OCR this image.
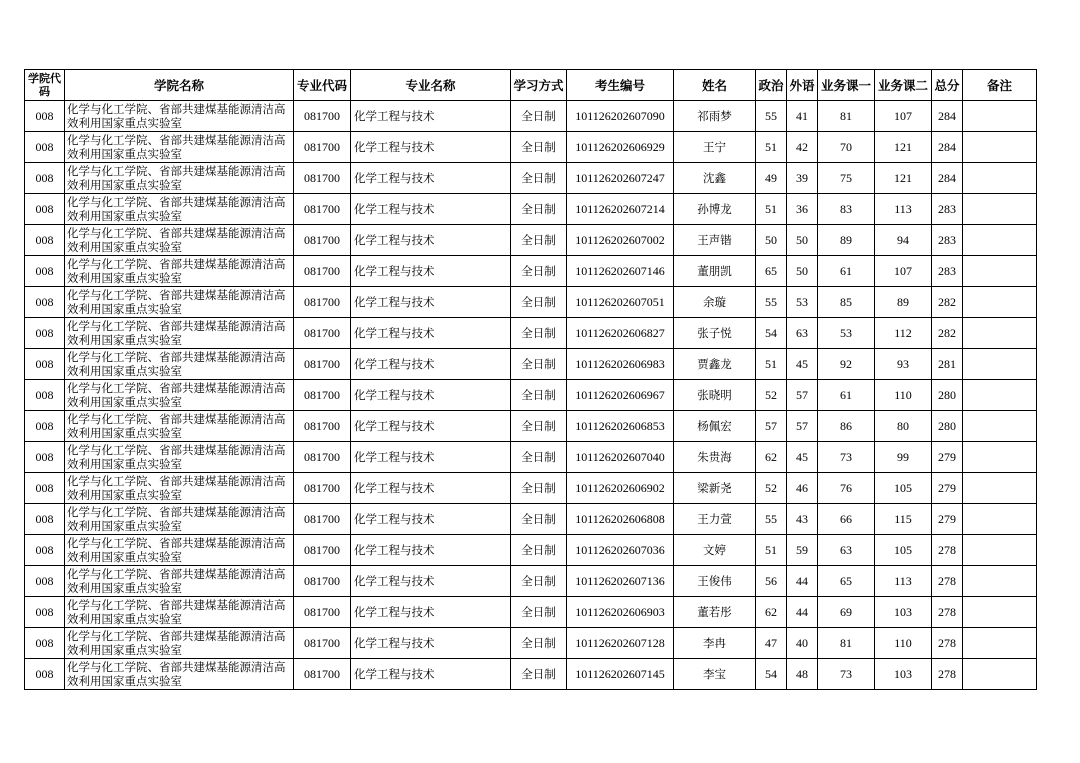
学院代码	学院名称	专业代码	专业名称	学习方式	考生编号	姓名	政治	外语	业务课一	业务课二	总分	备注
008	化学与化工学院、省部共建煤基能源清洁高效利用国家重点实验室	081700	化学工程与技术	全日制	101126202607090	祁雨梦	55	41	81	107	284	
008	化学与化工学院、省部共建煤基能源清洁高效利用国家重点实验室	081700	化学工程与技术	全日制	101126202606929	王宁	51	42	70	121	284	
008	化学与化工学院、省部共建煤基能源清洁高效利用国家重点实验室	081700	化学工程与技术	全日制	101126202607247	沈鑫	49	39	75	121	284	
008	化学与化工学院、省部共建煤基能源清洁高效利用国家重点实验室	081700	化学工程与技术	全日制	101126202607214	孙博龙	51	36	83	113	283	
008	化学与化工学院、省部共建煤基能源清洁高效利用国家重点实验室	081700	化学工程与技术	全日制	101126202607002	王声锴	50	50	89	94	283	
008	化学与化工学院、省部共建煤基能源清洁高效利用国家重点实验室	081700	化学工程与技术	全日制	101126202607146	董朋凯	65	50	61	107	283	
008	化学与化工学院、省部共建煤基能源清洁高效利用国家重点实验室	081700	化学工程与技术	全日制	101126202607051	余璇	55	53	85	89	282	
008	化学与化工学院、省部共建煤基能源清洁高效利用国家重点实验室	081700	化学工程与技术	全日制	101126202606827	张子悦	54	63	53	112	282	
008	化学与化工学院、省部共建煤基能源清洁高效利用国家重点实验室	081700	化学工程与技术	全日制	101126202606983	贾鑫龙	51	45	92	93	281	
008	化学与化工学院、省部共建煤基能源清洁高效利用国家重点实验室	081700	化学工程与技术	全日制	101126202606967	张晓明	52	57	61	110	280	
008	化学与化工学院、省部共建煤基能源清洁高效利用国家重点实验室	081700	化学工程与技术	全日制	101126202606853	杨佩宏	57	57	86	80	280	
008	化学与化工学院、省部共建煤基能源清洁高效利用国家重点实验室	081700	化学工程与技术	全日制	101126202607040	朱贵海	62	45	73	99	279	
008	化学与化工学院、省部共建煤基能源清洁高效利用国家重点实验室	081700	化学工程与技术	全日制	101126202606902	梁新尧	52	46	76	105	279	
008	化学与化工学院、省部共建煤基能源清洁高效利用国家重点实验室	081700	化学工程与技术	全日制	101126202606808	王力萱	55	43	66	115	279	
008	化学与化工学院、省部共建煤基能源清洁高效利用国家重点实验室	081700	化学工程与技术	全日制	101126202607036	文婷	51	59	63	105	278	
008	化学与化工学院、省部共建煤基能源清洁高效利用国家重点实验室	081700	化学工程与技术	全日制	101126202607136	王俊伟	56	44	65	113	278	
008	化学与化工学院、省部共建煤基能源清洁高效利用国家重点实验室	081700	化学工程与技术	全日制	101126202606903	董若彤	62	44	69	103	278	
008	化学与化工学院、省部共建煤基能源清洁高效利用国家重点实验室	081700	化学工程与技术	全日制	101126202607128	李冉	47	40	81	110	278	
008	化学与化工学院、省部共建煤基能源清洁高效利用国家重点实验室	081700	化学工程与技术	全日制	101126202607145	李宝	54	48	73	103	278	
